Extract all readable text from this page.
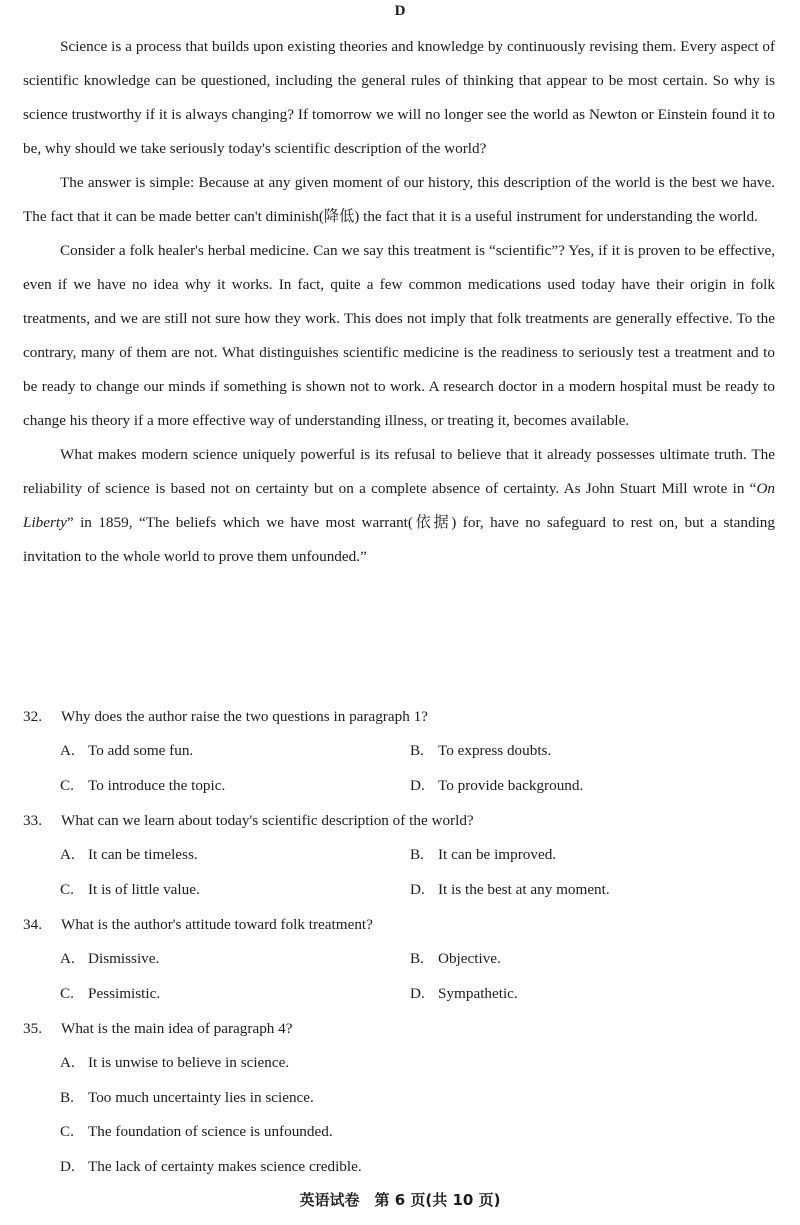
D

Science is a process that builds upon existing theories and knowledge by continuously revising them. Every aspect of scientific knowledge can be questioned, including the general rules of thinking that appear to be most certain. So why is science trustworthy if it is always changing? If tomorrow we will no longer see the world as Newton or Einstein found it to be, why should we take seriously today's scientific description of the world?

The answer is simple: Because at any given moment of our history, this description of the world is the best we have. The fact that it can be made better can't diminish(降低) the fact that it is a useful instrument for understanding the world.

Consider a folk healer's herbal medicine. Can we say this treatment is “scientific”? Yes, if it is proven to be effective, even if we have no idea why it works. In fact, quite a few common medications used today have their origin in folk treatments, and we are still not sure how they work. This does not imply that folk treatments are generally effective. To the contrary, many of them are not. What distinguishes scientific medicine is the readiness to seriously test a treatment and to be ready to change our minds if something is shown not to work. A research doctor in a modern hospital must be ready to change his theory if a more effective way of understanding illness, or treating it, becomes available.

What makes modern science uniquely powerful is its refusal to believe that it already possesses ultimate truth. The reliability of science is based not on certainty but on a complete absence of certainty. As John Stuart Mill wrote in “On Liberty” in 1859, “The beliefs which we have most warrant(依据) for, have no safeguard to rest on, but a standing invitation to the whole world to prove them unfounded.”

32. Why does the author raise the two questions in paragraph 1?
A. To add some fun.	B. To express doubts.
C. To introduce the topic.	D. To provide background.
33. What can we learn about today's scientific description of the world?
A. It can be timeless.	B. It can be improved.
C. It is of little value.	D. It is the best at any moment.
34. What is the author's attitude toward folk treatment?
A. Dismissive.	B. Objective.
C. Pessimistic.	D. Sympathetic.
35. What is the main idea of paragraph 4?
A. It is unwise to believe in science.
B. Too much uncertainty lies in science.
C. The foundation of science is unfounded.
D. The lack of certainty makes science credible.
英语试卷　第 6 页(共 10 页)
